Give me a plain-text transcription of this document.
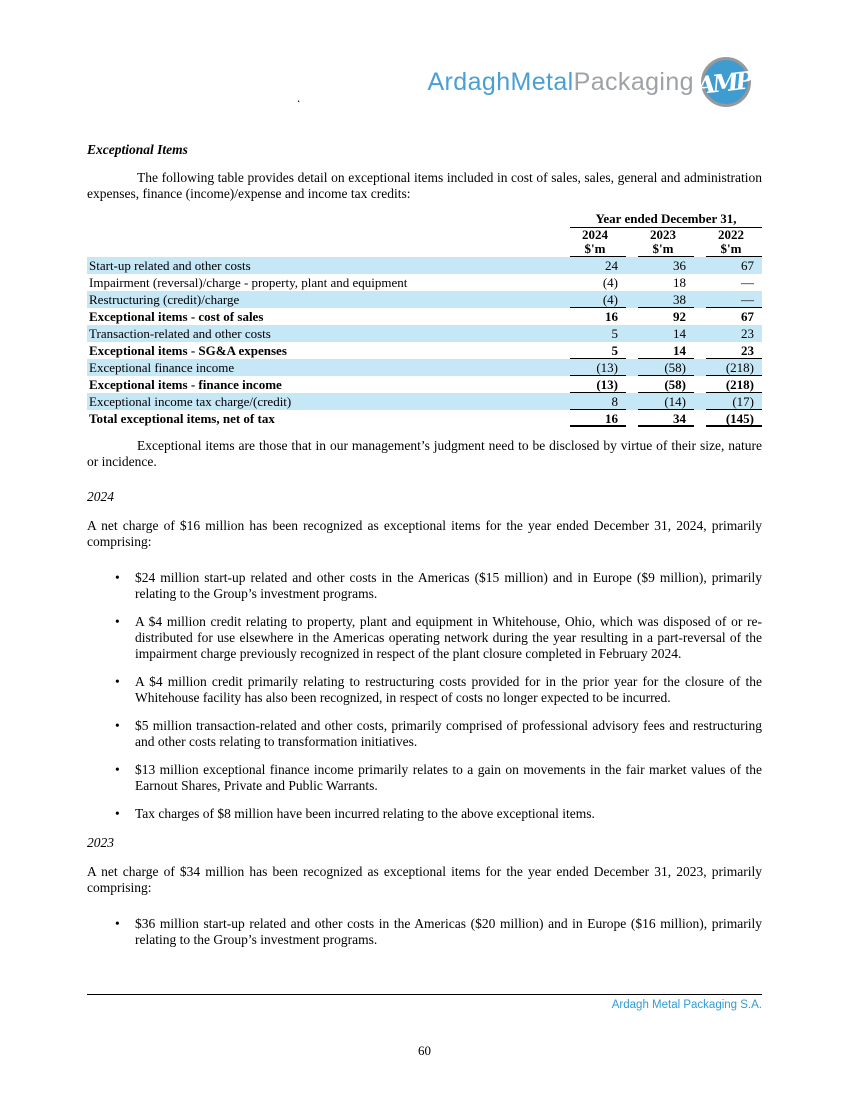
ArdaghMetalPackaging AMP
.
Exceptional Items

The following table provides detail on exceptional items included in cost of sales, sales, general and administration expenses, finance (income)/expense and income tax credits:

Year ended December 31,
2024	2023	2022
$'m	$'m	$'m
Start-up related and other costs	24	36	67
Impairment (reversal)/charge - property, plant and equipment	(4)	18	—
Restructuring (credit)/charge	(4)	38	—
Exceptional items - cost of sales	16	92	67
Transaction-related and other costs	5	14	23
Exceptional items - SG&A expenses	5	14	23
Exceptional finance income	(13)	(58)	(218)
Exceptional items - finance income	(13)	(58)	(218)
Exceptional income tax charge/(credit)	8	(14)	(17)
Total exceptional items, net of tax	16	34	(145)

Exceptional items are those that in our management’s judgment need to be disclosed by virtue of their size, nature or incidence.

2024

A net charge of $16 million has been recognized as exceptional items for the year ended December 31, 2024, primarily comprising:

• $24 million start-up related and other costs in the Americas ($15 million) and in Europe ($9 million), primarily relating to the Group’s investment programs.
• A $4 million credit relating to property, plant and equipment in Whitehouse, Ohio, which was disposed of or re-distributed for use elsewhere in the Americas operating network during the year resulting in a part-reversal of the impairment charge previously recognized in respect of the plant closure completed in February 2024.
• A $4 million credit primarily relating to restructuring costs provided for in the prior year for the closure of the Whitehouse facility has also been recognized, in respect of costs no longer expected to be incurred.
• $5 million transaction-related and other costs, primarily comprised of professional advisory fees and restructuring and other costs relating to transformation initiatives.
• $13 million exceptional finance income primarily relates to a gain on movements in the fair market values of the Earnout Shares, Private and Public Warrants.
• Tax charges of $8 million have been incurred relating to the above exceptional items.
2023

A net charge of $34 million has been recognized as exceptional items for the year ended December 31, 2023, primarily comprising:

• $36 million start-up related and other costs in the Americas ($20 million) and in Europe ($16 million), primarily relating to the Group’s investment programs.
Ardagh Metal Packaging S.A.
60
